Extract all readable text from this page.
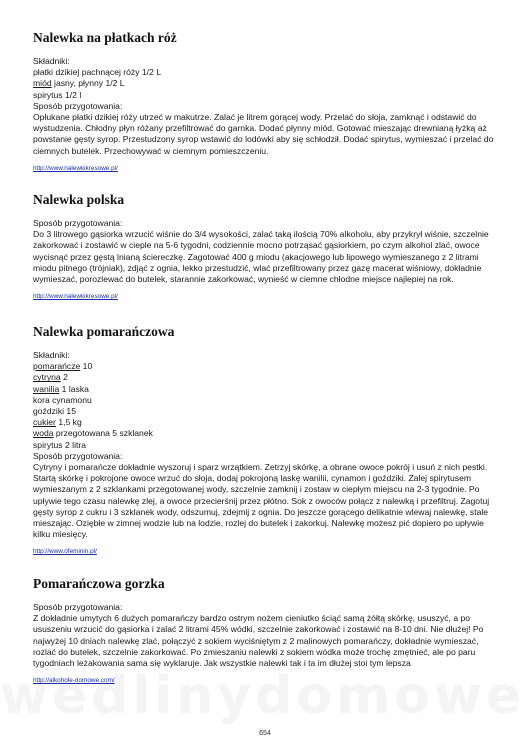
Nalewka na płatkach róż
Składniki:
płatki dzikiej pachnącej róży 1/2 L
miód jasny, płynny 1/2 L
spirytus 1/2 l
Sposób przygotowania:

Opłukane płatki dzikiej róży utrzeć w makutrze. Zalać je litrem gorącej wody. Przelać do słoja, zamknąć i odstawić do wystudzenia. Chłodny płyn różany przefiltrować do garnka. Dodać płynny miód. Gotować mieszając drewnianą łyżką aż powstanie gęsty syrop. Przestudzony syrop wstawić do lodówki aby się schłodził. Dodać spirytus, wymieszać i przelać do ciemnych butelek. Przechowywać w ciemnym pomieszczeniu.

http://www.nalewkikresowe.pl/
Nalewka polska
Sposób przygotowania:

Do 3 litrowego gąsiorka wrzucić wiśnie do 3/4 wysokości, zalać taką ilością 70% alkoholu, aby przykrył wiśnie, szczelnie zakorkować i zostawić w cieple na 5-6 tygodni, codziennie mocno potrząsać gąsiorkiem, po czym alkohol zlać, owoce wycisnąć przez gęstą lnianą ściereczkę. Zagotować 400 g miodu (akacjowego lub lipowego wymieszanego z 2 litrami miodu pitnego (trójniak), zdjąć z ognia, lekko przestudzić, wlać przefiltrowany przez gazę macerat wiśniowy, dokładnie wymieszać, porozlewać do butelek, starannie zakorkować, wynieść w ciemne chłodne miejsce najlepiej na rok.

http://www.nalewkikresowe.pl/
Nalewka pomarańczowa
Składniki:
pomarańcze 10
cytryna 2
wanilia 1 laska
kora cynamonu
goździki 15
cukier 1,5 kg
woda przegotowana 5 szklanek
spirytus 2 litra
Sposób przygotowania:

Cytryny i pomarańcze dokładnie wyszoruj i sparz wrzątkiem. Zetrzyj skórkę, a obrane owoce pokrój i usuń z nich pestki. Startą skórkę i pokrojone owoce wrzuć do słoja, dodaj pokrojoną laskę wanilii, cynamon i goździki. Zalej spirytusem wymieszanym z 2 szklankami przegotowanej wody, szczelnie zamknij i zostaw w ciepłym miejscu na 2-3 tygodnie. Po upływie tego czasu nalewkę zlej, a owoce przecierśnij przez płótno. Sok z owoców połącz z nalewką i przefiltruj. Zagotuj gęsty syrop z cukru i 3 szklanek wody, odszumuj, zdejmij z ognia. Do jeszcze gorącego delikatnie wlewaj nalewkę, stale mieszając. Oziębłe w zimnej wodzie lub na lodzie, rozlej do butelek i zakorkuj. Nalewkę możesz pić dopiero po upływie kilku miesięcy.

http://www.ofeminin.pl/
Pomarańczowa gorzka
Sposób przygotowania:

Z dokładnie umytych 6 dużych pomarańczy bardzo ostrym nożem cieniutko ściąć samą żółtą skórkę, ususzyć, a po ususzeniu wrzucić do gąsiorka i zalać 2 litrami 45% wódki, szczelnie zakorkować i zostawić na 8-10 dni. Nie dłużej! Po najwyżej 10 dniach nalewkę zlać, połączyć z sokiem wyciśniętym z 2 malinowych pomarańczy, dokładnie wymieszać, rozlać do butelek, szczelnie zakorkować. Po zmieszaniu nalewki z sokiem wódka może trochę zmętnieć, ale po paru tygodniach leżakowania sama się wyklaruje. Jak wszystkie nalewki tak i ta im dłużej stoi tym lepsza

http://alkohole-domowe.com/
654
